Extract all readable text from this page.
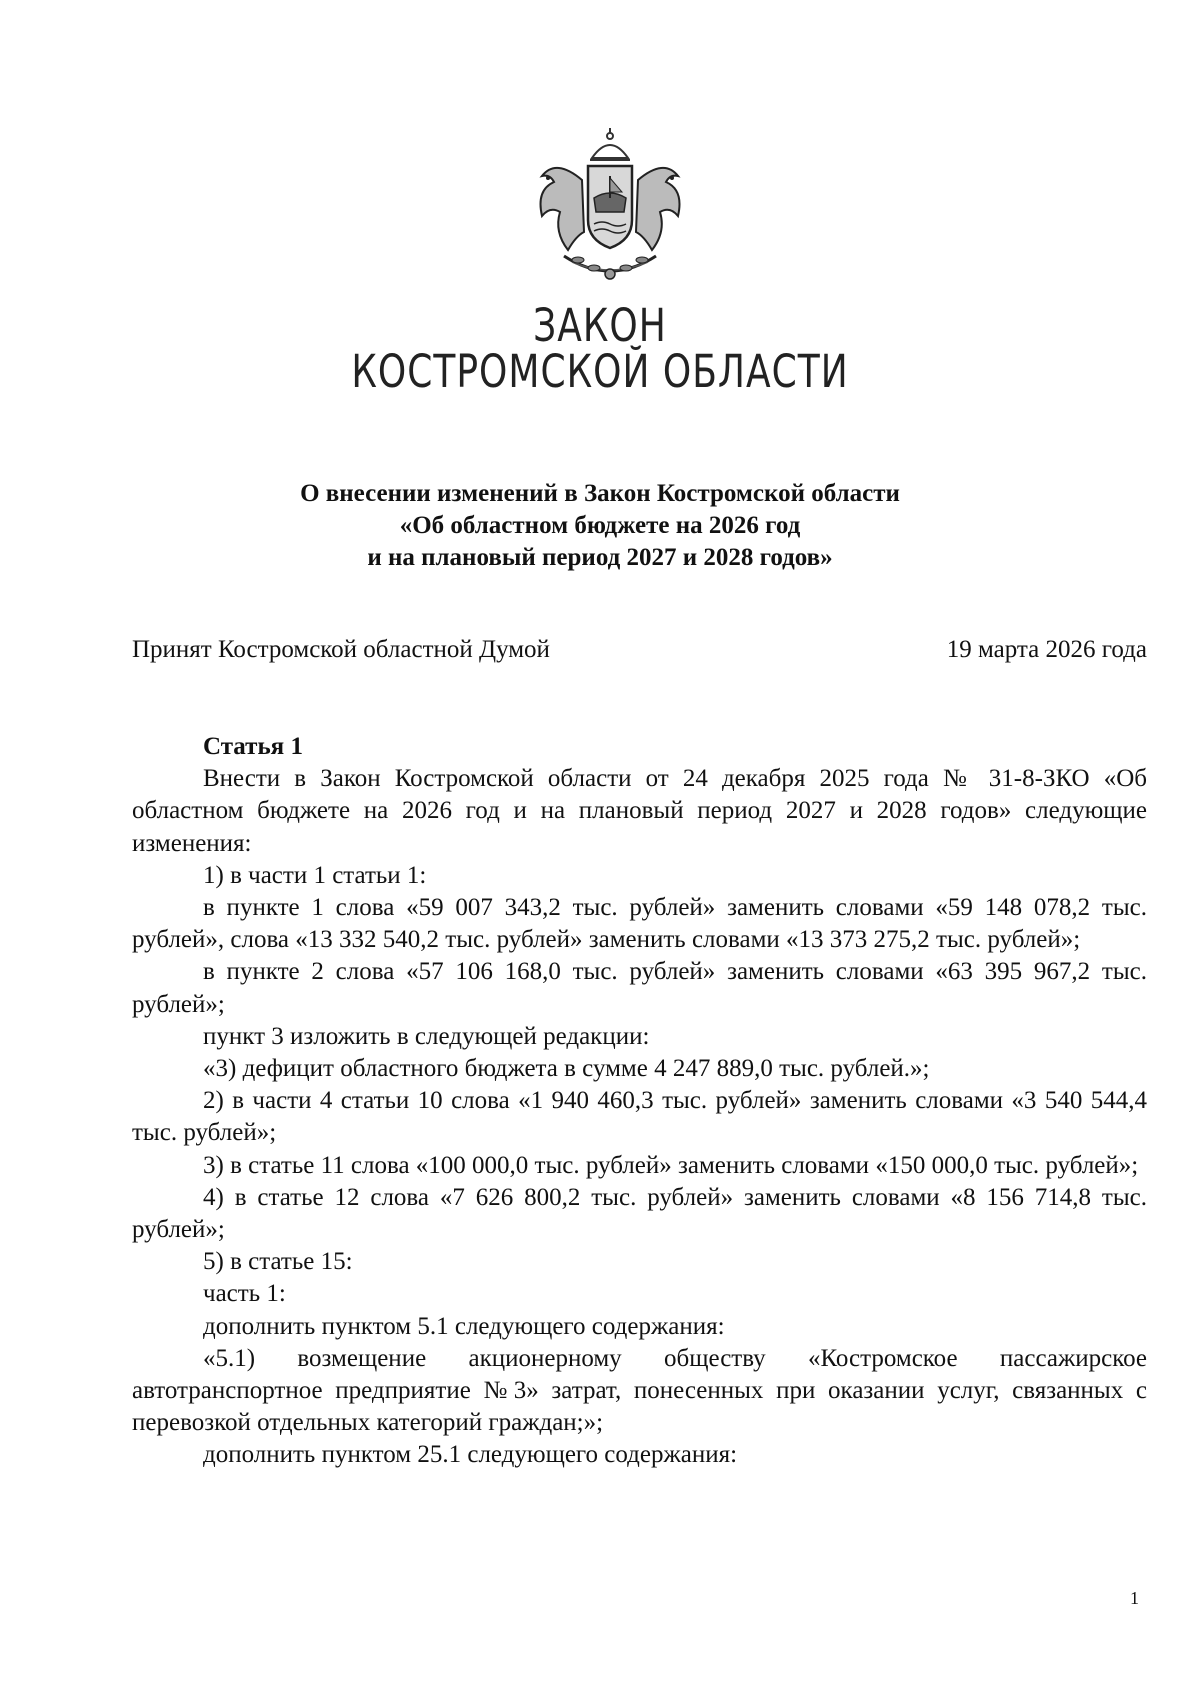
ЗАКОН
КОСТРОМСКОЙ ОБЛАСТИ
О внесении изменений в Закон Костромской области
«Об областном бюджете на 2026 год
и на плановый период 2027 и 2028 годов»
Принят Костромской областной Думой	19 марта 2026 года

Статья 1

Внести в Закон Костромской области от 24 декабря 2025 года № 31-8-ЗКО «Об областном бюджете на 2026 год и на плановый период 2027 и 2028 годов» следующие изменения:

1) в части 1 статьи 1:

в пункте 1 слова «59 007 343,2 тыс. рублей» заменить словами «59 148 078,2 тыс. рублей», слова «13 332 540,2 тыс. рублей» заменить словами «13 373 275,2 тыс. рублей»;

в пункте 2 слова «57 106 168,0 тыс. рублей» заменить словами «63 395 967,2 тыс. рублей»;

пункт 3 изложить в следующей редакции:

«3) дефицит областного бюджета в сумме 4 247 889,0 тыс. рублей.»;

2) в части 4 статьи 10 слова «1 940 460,3 тыс. рублей» заменить словами «3 540 544,4 тыс. рублей»;

3) в статье 11 слова «100 000,0 тыс. рублей» заменить словами «150 000,0 тыс. рублей»;

4) в статье 12 слова «7 626 800,2 тыс. рублей» заменить словами «8 156 714,8 тыс. рублей»;

5) в статье 15:

часть 1:

дополнить пунктом 5.1 следующего содержания:

«5.1) возмещение акционерному обществу «Костромское пассажирское автотранспортное предприятие №3» затрат, понесенных при оказании услуг, связанных с перевозкой отдельных категорий граждан;»;

дополнить пунктом 25.1 следующего содержания:

1
